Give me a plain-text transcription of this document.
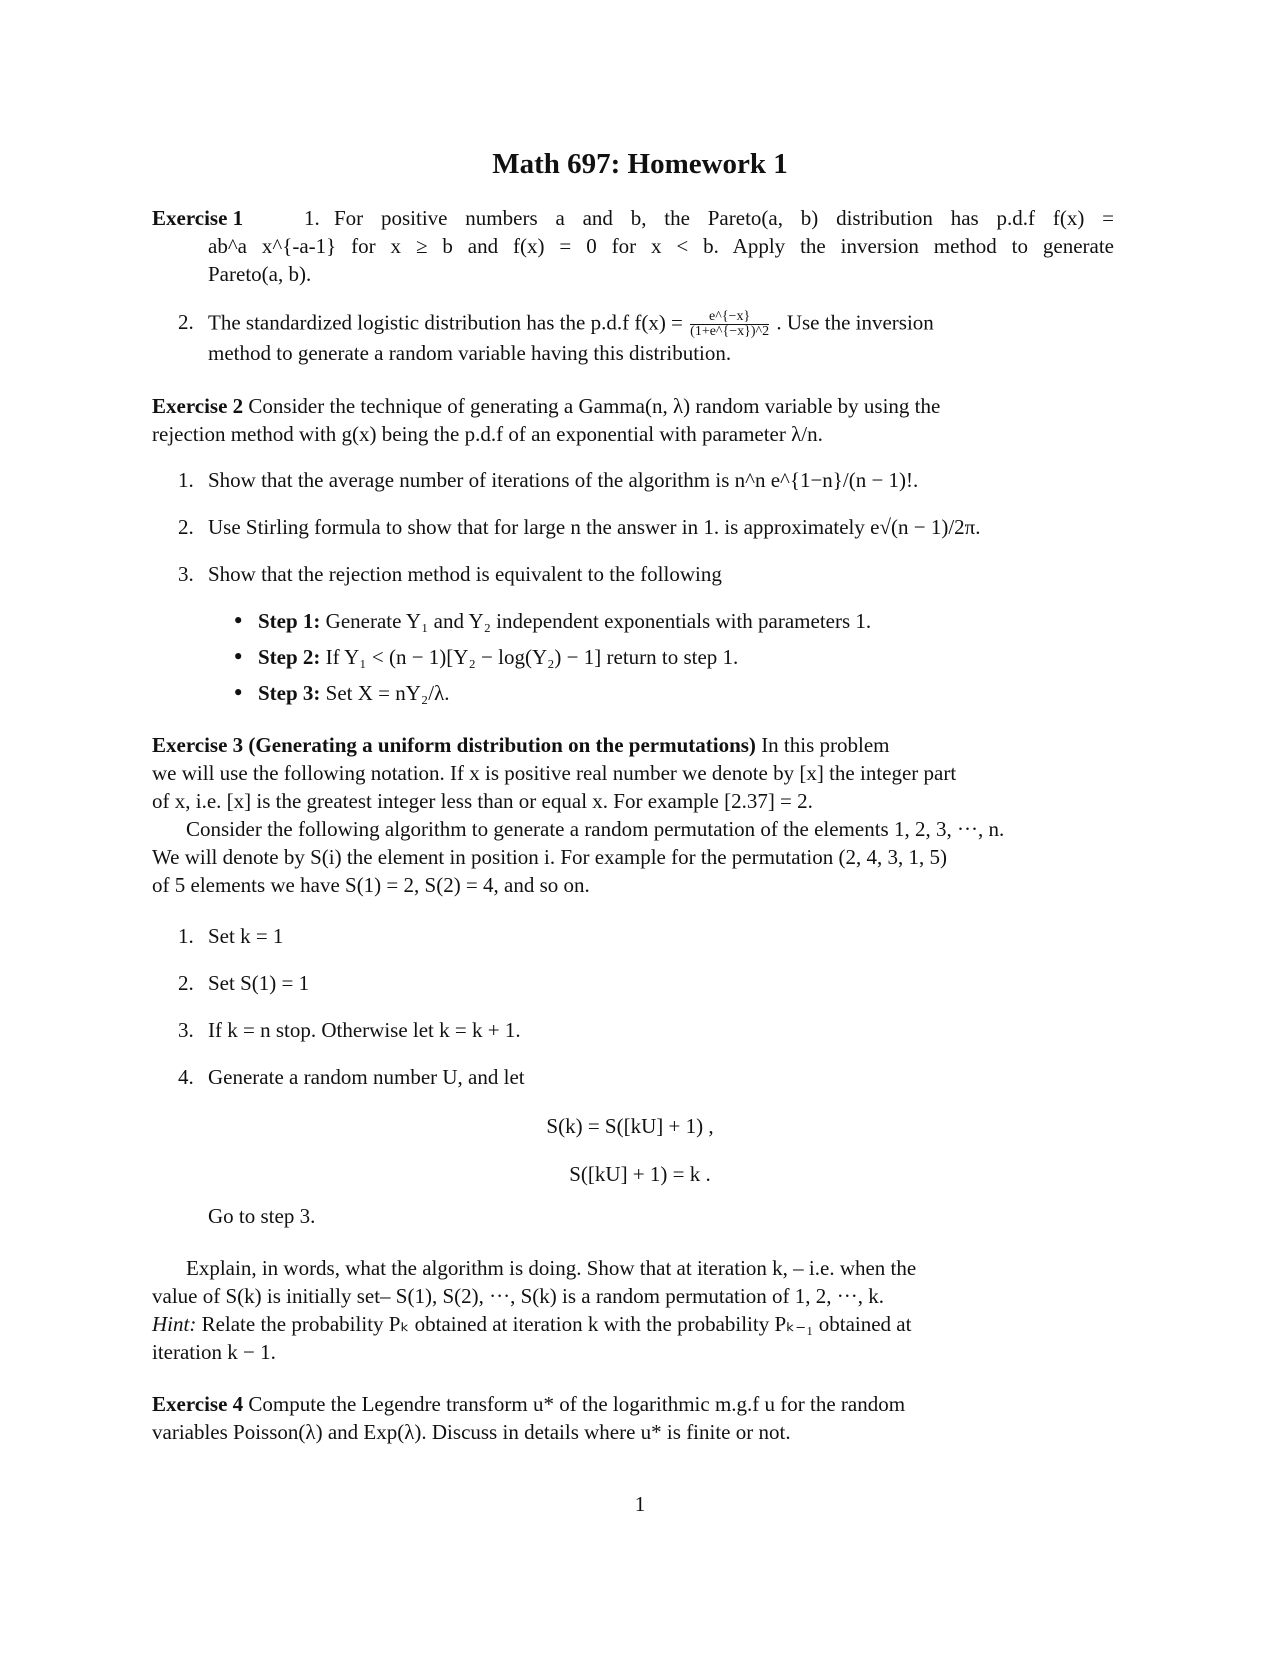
Math 697: Homework 1
Exercise 1	1. For positive numbers a and b, the Pareto(a, b) distribution has p.d.f f(x) =
ab^a x^{-a-1} for x ≥ b and f(x) = 0 for x < b. Apply the inversion method to generate
Pareto(a, b).
2. The standardized logistic distribution has the p.d.f $f(x) = \frac{e\^{}\{-x\}}{(1+e\^{}\{-x\})\^{}2}$ . Use the inversion
method to generate a random variable having this distribution.
Exercise 2 Consider the technique of generating a Gamma(n, λ) random variable by using the
rejection method with g(x) being the p.d.f of an exponential with parameter λ/n.
1. Show that the average number of iterations of the algorithm is n^n e^{1−n}/(n − 1)!.
2. Use Stirling formula to show that for large n the answer in 1. is approximately e√(n − 1)/2π.
3. Show that the rejection method is equivalent to the following
• Step 1: Generate Y₁ and Y₂ independent exponentials with parameters 1.
• Step 2: If Y₁ < (n − 1)[Y₂ − log(Y₂) − 1] return to step 1.
• Step 3: Set X = nY₂/λ.
Exercise 3 (Generating a uniform distribution on the permutations) In this problem
we will use the following notation. If x is positive real number we denote by [x] the integer part
of x, i.e. [x] is the greatest integer less than or equal x. For example [2.37] = 2.
Consider the following algorithm to generate a random permutation of the elements 1, 2, 3, ···, n.
We will denote by S(i) the element in position i. For example for the permutation (2, 4, 3, 1, 5)
of 5 elements we have S(1) = 2, S(2) = 4, and so on.
1. Set k = 1
2. Set S(1) = 1
3. If k = n stop. Otherwise let k = k + 1.
4. Generate a random number U, and let
S(k) = S([kU] + 1) ,
S([kU] + 1) = k .
Go to step 3.
Explain, in words, what the algorithm is doing. Show that at iteration k, – i.e. when the
value of S(k) is initially set– S(1), S(2), ···, S(k) is a random permutation of 1, 2, ···, k.
Hint: Relate the probability Pₖ obtained at iteration k with the probability Pₖ₋₁ obtained at
iteration k − 1.
Exercise 4 Compute the Legendre transform u* of the logarithmic m.g.f u for the random
variables Poisson(λ) and Exp(λ). Discuss in details where u* is finite or not.
1
